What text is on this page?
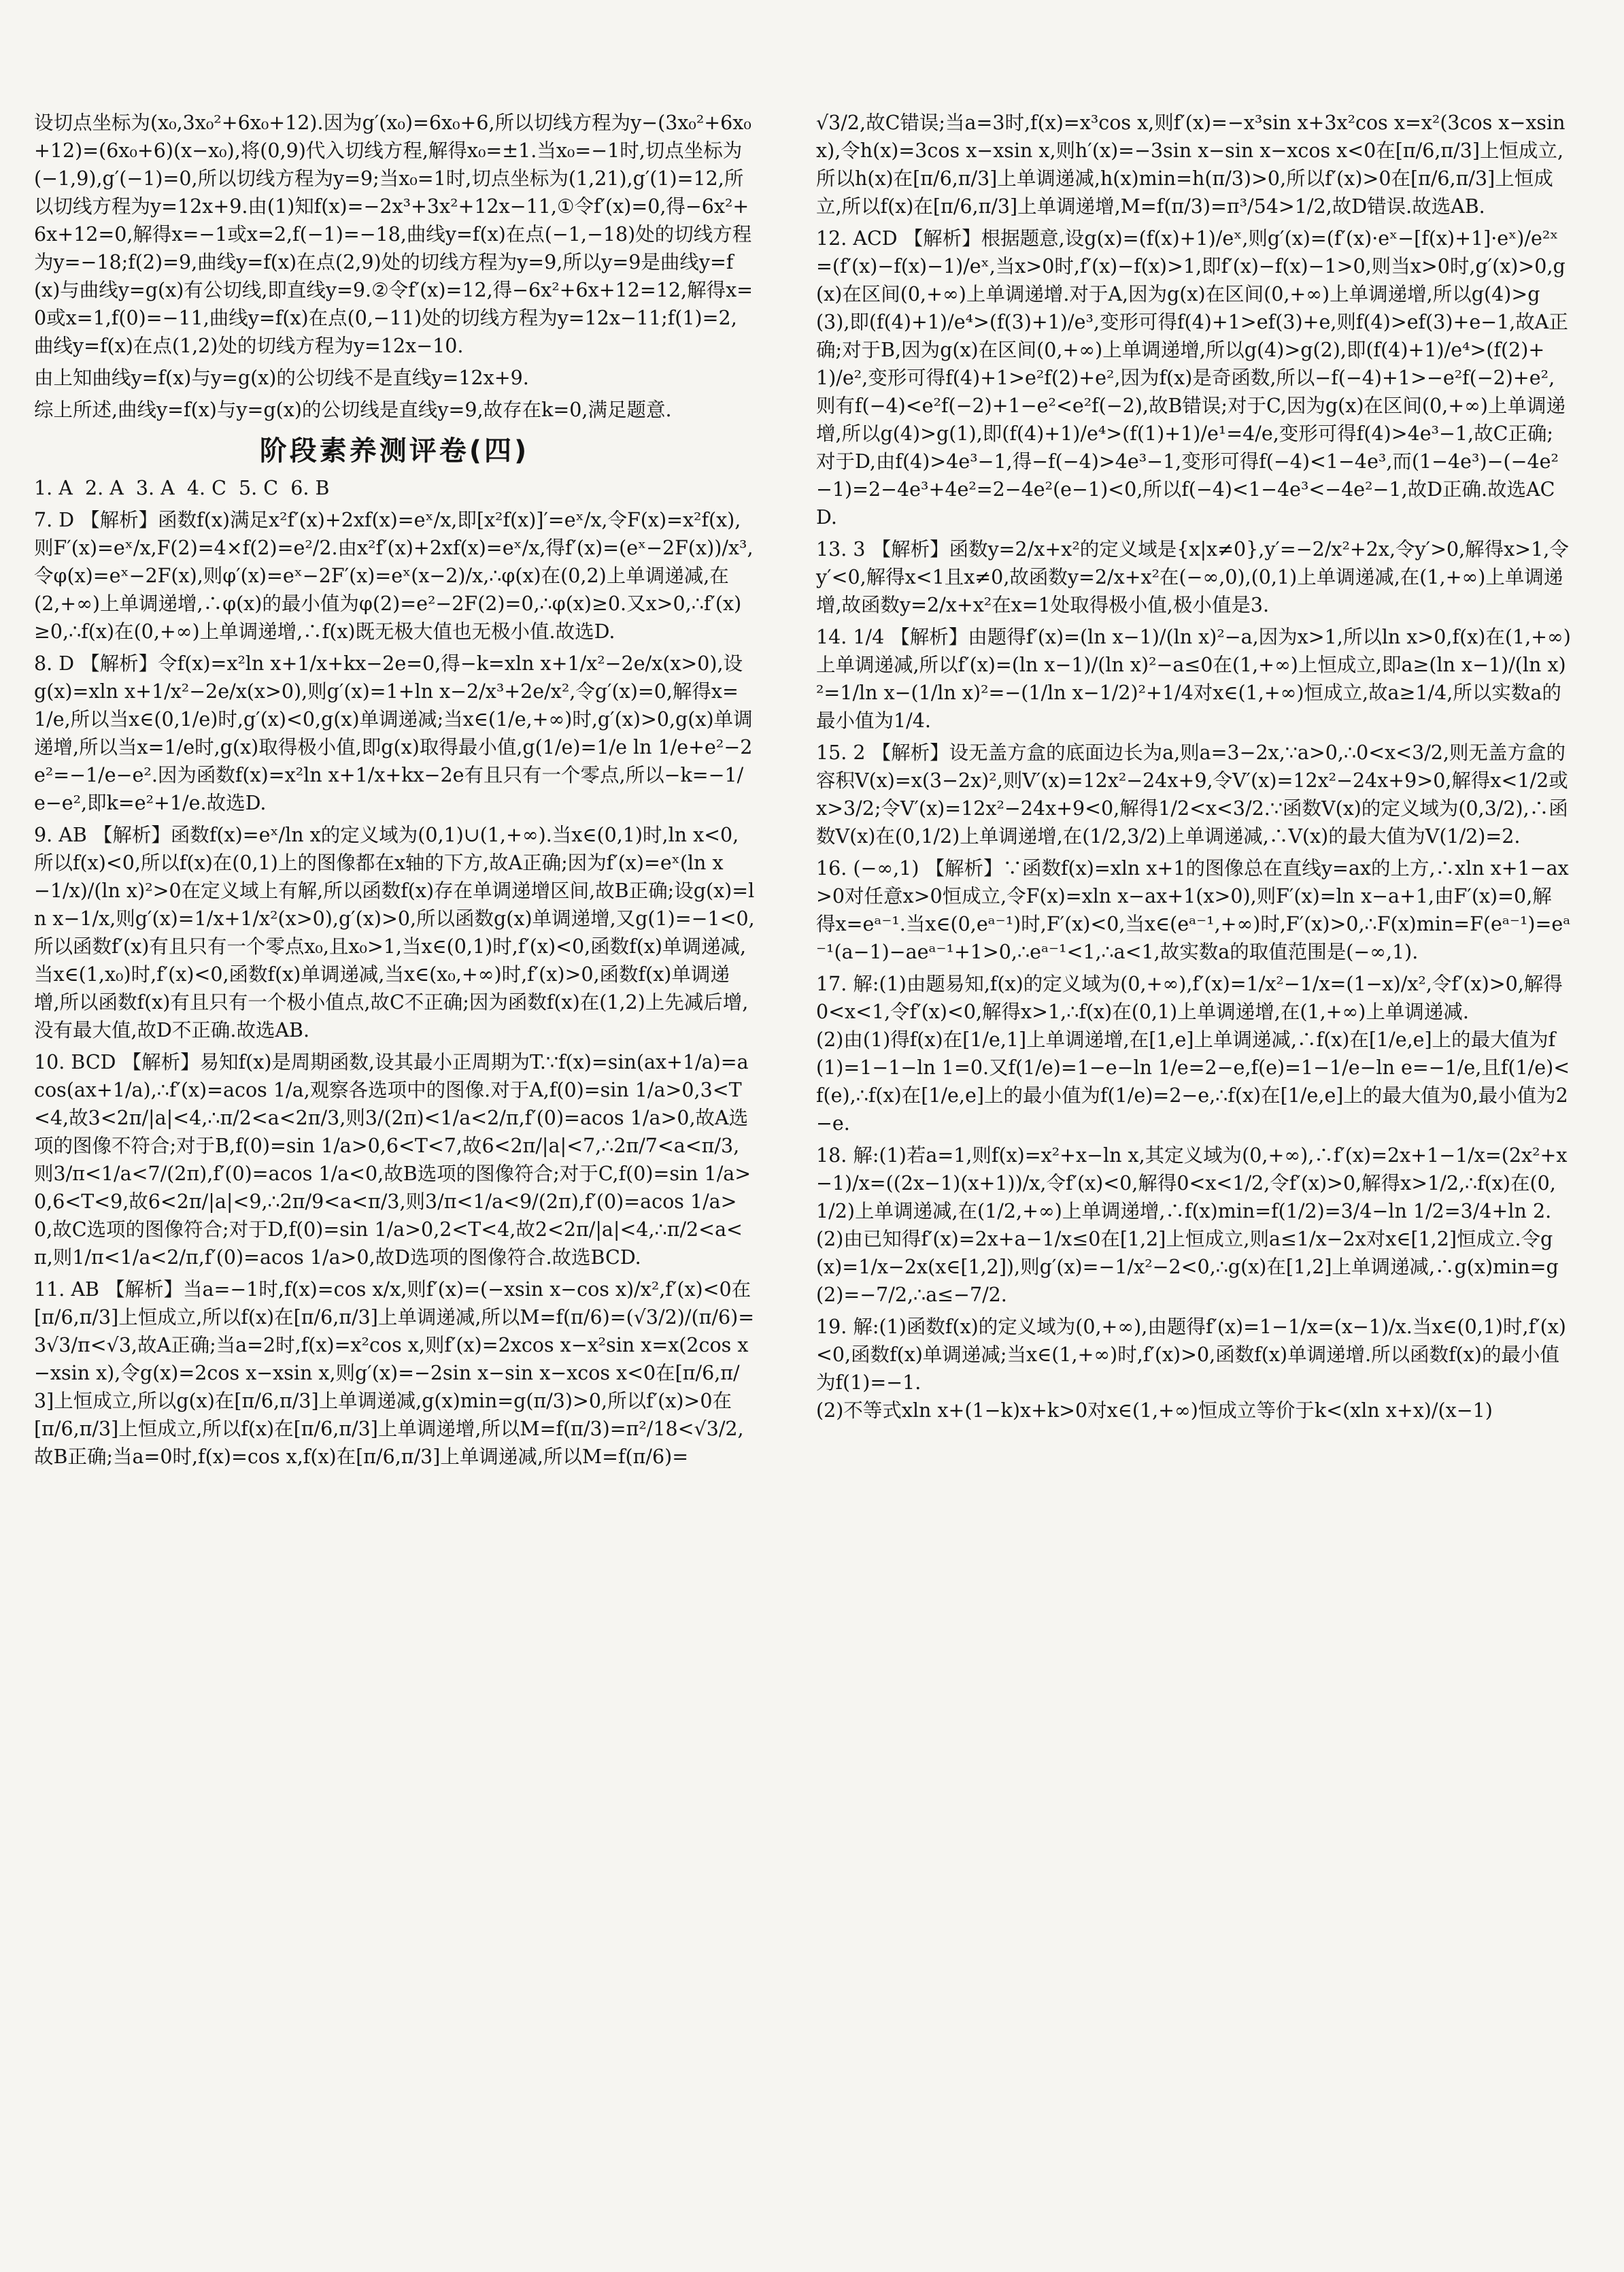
设切点坐标为(x₀,3x₀²+6x₀+12).因为g′(x₀)=6x₀+6,所以切线方程为y−(3x₀²+6x₀+12)=(6x₀+6)(x−x₀),将(0,9)代入切线方程,解得x₀=±1.当x₀=−1时,切点坐标为(−1,9),g′(−1)=0,所以切线方程为y=9;当x₀=1时,切点坐标为(1,21),g′(1)=12,所以切线方程为y=12x+9.由(1)知f(x)=−2x³+3x²+12x−11,①令f′(x)=0,得−6x²+6x+12=0,解得x=−1或x=2,f(−1)=−18,曲线y=f(x)在点(−1,−18)处的切线方程为y=−18;f(2)=9,曲线y=f(x)在点(2,9)处的切线方程为y=9,所以y=9是曲线y=f(x)与曲线y=g(x)有公切线,即直线y=9.②令f′(x)=12,得−6x²+6x+12=12,解得x=0或x=1,f(0)=−11,曲线y=f(x)在点(0,−11)处的切线方程为y=12x−11;f(1)=2,曲线y=f(x)在点(1,2)处的切线方程为y=12x−10.

由上知曲线y=f(x)与y=g(x)的公切线不是直线y=12x+9.

综上所述,曲线y=f(x)与y=g(x)的公切线是直线y=9,故存在k=0,满足题意.

阶段素养测评卷(四)

1. A  2. A  3. A  4. C  5. C  6. B

7. D 【解析】函数f(x)满足x²f′(x)+2xf(x)=eˣ/x,即[x²f(x)]′=eˣ/x,令F(x)=x²f(x),则F′(x)=eˣ/x,F(2)=4×f(2)=e²/2.由x²f′(x)+2xf(x)=eˣ/x,得f′(x)=(eˣ−2F(x))/x³,令φ(x)=eˣ−2F(x),则φ′(x)=eˣ−2F′(x)=eˣ(x−2)/x,∴φ(x)在(0,2)上单调递减,在(2,+∞)上单调递增,∴φ(x)的最小值为φ(2)=e²−2F(2)=0,∴φ(x)≥0.又x>0,∴f′(x)≥0,∴f(x)在(0,+∞)上单调递增,∴f(x)既无极大值也无极小值.故选D.

8. D 【解析】令f(x)=x²ln x+1/x+kx−2e=0,得−k=xln x+1/x²−2e/x(x>0),设g(x)=xln x+1/x²−2e/x(x>0),则g′(x)=1+ln x−2/x³+2e/x²,令g′(x)=0,解得x=1/e,所以当x∈(0,1/e)时,g′(x)<0,g(x)单调递减;当x∈(1/e,+∞)时,g′(x)>0,g(x)单调递增,所以当x=1/e时,g(x)取得极小值,即g(x)取得最小值,g(1/e)=1/e ln 1/e+e²−2e²=−1/e−e².因为函数f(x)=x²ln x+1/x+kx−2e有且只有一个零点,所以−k=−1/e−e²,即k=e²+1/e.故选D.

9. AB 【解析】函数f(x)=eˣ/ln x的定义域为(0,1)∪(1,+∞).当x∈(0,1)时,ln x<0,所以f(x)<0,所以f(x)在(0,1)上的图像都在x轴的下方,故A正确;因为f′(x)=eˣ(ln x−1/x)/(ln x)²>0在定义域上有解,所以函数f(x)存在单调递增区间,故B正确;设g(x)=ln x−1/x,则g′(x)=1/x+1/x²(x>0),g′(x)>0,所以函数g(x)单调递增,又g(1)=−1<0,所以函数f′(x)有且只有一个零点x₀,且x₀>1,当x∈(0,1)时,f′(x)<0,函数f(x)单调递减,当x∈(1,x₀)时,f′(x)<0,函数f(x)单调递减,当x∈(x₀,+∞)时,f′(x)>0,函数f(x)单调递增,所以函数f(x)有且只有一个极小值点,故C不正确;因为函数f(x)在(1,2)上先减后增,没有最大值,故D不正确.故选AB.

10. BCD 【解析】易知f(x)是周期函数,设其最小正周期为T.∵f(x)=sin(ax+1/a)=acos(ax+1/a),∴f′(x)=acos 1/a,观察各选项中的图像.对于A,f(0)=sin 1/a>0,3<T<4,故3<2π/|a|<4,∴π/2<a<2π/3,则3/(2π)<1/a<2/π,f′(0)=acos 1/a>0,故A选项的图像不符合;对于B,f(0)=sin 1/a>0,6<T<7,故6<2π/|a|<7,∴2π/7<a<π/3,则3/π<1/a<7/(2π),f′(0)=acos 1/a<0,故B选项的图像符合;对于C,f(0)=sin 1/a>0,6<T<9,故6<2π/|a|<9,∴2π/9<a<π/3,则3/π<1/a<9/(2π),f′(0)=acos 1/a>0,故C选项的图像符合;对于D,f(0)=sin 1/a>0,2<T<4,故2<2π/|a|<4,∴π/2<a<π,则1/π<1/a<2/π,f′(0)=acos 1/a>0,故D选项的图像符合.故选BCD.

11. AB 【解析】当a=−1时,f(x)=cos x/x,则f′(x)=(−xsin x−cos x)/x²,f′(x)<0在[π/6,π/3]上恒成立,所以f(x)在[π/6,π/3]上单调递减,所以M=f(π/6)=(√3/2)/(π/6)=3√3/π<√3,故A正确;当a=2时,f(x)=x²cos x,则f′(x)=2xcos x−x²sin x=x(2cos x−xsin x),令g(x)=2cos x−xsin x,则g′(x)=−2sin x−sin x−xcos x<0在[π/6,π/3]上恒成立,所以g(x)在[π/6,π/3]上单调递减,g(x)min=g(π/3)>0,所以f′(x)>0在[π/6,π/3]上恒成立,所以f(x)在[π/6,π/3]上单调递增,所以M=f(π/3)=π²/18<√3/2,故B正确;当a=0时,f(x)=cos x,f(x)在[π/6,π/3]上单调递减,所以M=f(π/6)=

√3/2,故C错误;当a=3时,f(x)=x³cos x,则f′(x)=−x³sin x+3x²cos x=x²(3cos x−xsin x),令h(x)=3cos x−xsin x,则h′(x)=−3sin x−sin x−xcos x<0在[π/6,π/3]上恒成立,所以h(x)在[π/6,π/3]上单调递减,h(x)min=h(π/3)>0,所以f′(x)>0在[π/6,π/3]上恒成立,所以f(x)在[π/6,π/3]上单调递增,M=f(π/3)=π³/54>1/2,故D错误.故选AB.

12. ACD 【解析】根据题意,设g(x)=(f(x)+1)/eˣ,则g′(x)=(f′(x)·eˣ−[f(x)+1]·eˣ)/e²ˣ=(f′(x)−f(x)−1)/eˣ,当x>0时,f′(x)−f(x)>1,即f′(x)−f(x)−1>0,则当x>0时,g′(x)>0,g(x)在区间(0,+∞)上单调递增.对于A,因为g(x)在区间(0,+∞)上单调递增,所以g(4)>g(3),即(f(4)+1)/e⁴>(f(3)+1)/e³,变形可得f(4)+1>ef(3)+e,则f(4)>ef(3)+e−1,故A正确;对于B,因为g(x)在区间(0,+∞)上单调递增,所以g(4)>g(2),即(f(4)+1)/e⁴>(f(2)+1)/e²,变形可得f(4)+1>e²f(2)+e²,因为f(x)是奇函数,所以−f(−4)+1>−e²f(−2)+e²,则有f(−4)<e²f(−2)+1−e²<e²f(−2),故B错误;对于C,因为g(x)在区间(0,+∞)上单调递增,所以g(4)>g(1),即(f(4)+1)/e⁴>(f(1)+1)/e¹=4/e,变形可得f(4)>4e³−1,故C正确;对于D,由f(4)>4e³−1,得−f(−4)>4e³−1,变形可得f(−4)<1−4e³,而(1−4e³)−(−4e²−1)=2−4e³+4e²=2−4e²(e−1)<0,所以f(−4)<1−4e³<−4e²−1,故D正确.故选ACD.

13. 3 【解析】函数y=2/x+x²的定义域是{x|x≠0},y′=−2/x²+2x,令y′>0,解得x>1,令y′<0,解得x<1且x≠0,故函数y=2/x+x²在(−∞,0),(0,1)上单调递减,在(1,+∞)上单调递增,故函数y=2/x+x²在x=1处取得极小值,极小值是3.

14. 1/4 【解析】由题得f′(x)=(ln x−1)/(ln x)²−a,因为x>1,所以ln x>0,f(x)在(1,+∞)上单调递减,所以f′(x)=(ln x−1)/(ln x)²−a≤0在(1,+∞)上恒成立,即a≥(ln x−1)/(ln x)²=1/ln x−(1/ln x)²=−(1/ln x−1/2)²+1/4对x∈(1,+∞)恒成立,故a≥1/4,所以实数a的最小值为1/4.

15. 2 【解析】设无盖方盒的底面边长为a,则a=3−2x,∵a>0,∴0<x<3/2,则无盖方盒的容积V(x)=x(3−2x)²,则V′(x)=12x²−24x+9,令V′(x)=12x²−24x+9>0,解得x<1/2或x>3/2;令V′(x)=12x²−24x+9<0,解得1/2<x<3/2.∵函数V(x)的定义域为(0,3/2),∴函数V(x)在(0,1/2)上单调递增,在(1/2,3/2)上单调递减,∴V(x)的最大值为V(1/2)=2.

16. (−∞,1) 【解析】∵函数f(x)=xln x+1的图像总在直线y=ax的上方,∴xln x+1−ax>0对任意x>0恒成立,令F(x)=xln x−ax+1(x>0),则F′(x)=ln x−a+1,由F′(x)=0,解得x=eᵃ⁻¹.当x∈(0,eᵃ⁻¹)时,F′(x)<0,当x∈(eᵃ⁻¹,+∞)时,F′(x)>0,∴F(x)min=F(eᵃ⁻¹)=eᵃ⁻¹(a−1)−aeᵃ⁻¹+1>0,∴eᵃ⁻¹<1,∴a<1,故实数a的取值范围是(−∞,1).

17. 解:(1)由题易知,f(x)的定义域为(0,+∞),f′(x)=1/x²−1/x=(1−x)/x²,令f′(x)>0,解得0<x<1,令f′(x)<0,解得x>1,∴f(x)在(0,1)上单调递增,在(1,+∞)上单调递减.
(2)由(1)得f(x)在[1/e,1]上单调递增,在[1,e]上单调递减,∴f(x)在[1/e,e]上的最大值为f(1)=1−1−ln 1=0.又f(1/e)=1−e−ln 1/e=2−e,f(e)=1−1/e−ln e=−1/e,且f(1/e)<f(e),∴f(x)在[1/e,e]上的最小值为f(1/e)=2−e,∴f(x)在[1/e,e]上的最大值为0,最小值为2−e.

18. 解:(1)若a=1,则f(x)=x²+x−ln x,其定义域为(0,+∞),∴f′(x)=2x+1−1/x=(2x²+x−1)/x=((2x−1)(x+1))/x,令f′(x)<0,解得0<x<1/2,令f′(x)>0,解得x>1/2,∴f(x)在(0,1/2)上单调递减,在(1/2,+∞)上单调递增,∴f(x)min=f(1/2)=3/4−ln 1/2=3/4+ln 2.
(2)由已知得f′(x)=2x+a−1/x≤0在[1,2]上恒成立,则a≤1/x−2x对x∈[1,2]恒成立.令g(x)=1/x−2x(x∈[1,2]),则g′(x)=−1/x²−2<0,∴g(x)在[1,2]上单调递减,∴g(x)min=g(2)=−7/2,∴a≤−7/2.

19. 解:(1)函数f(x)的定义域为(0,+∞),由题得f′(x)=1−1/x=(x−1)/x.当x∈(0,1)时,f′(x)<0,函数f(x)单调递减;当x∈(1,+∞)时,f′(x)>0,函数f(x)单调递增.所以函数f(x)的最小值为f(1)=−1.
(2)不等式xln x+(1−k)x+k>0对x∈(1,+∞)恒成立等价于k<(xln x+x)/(x−1)
